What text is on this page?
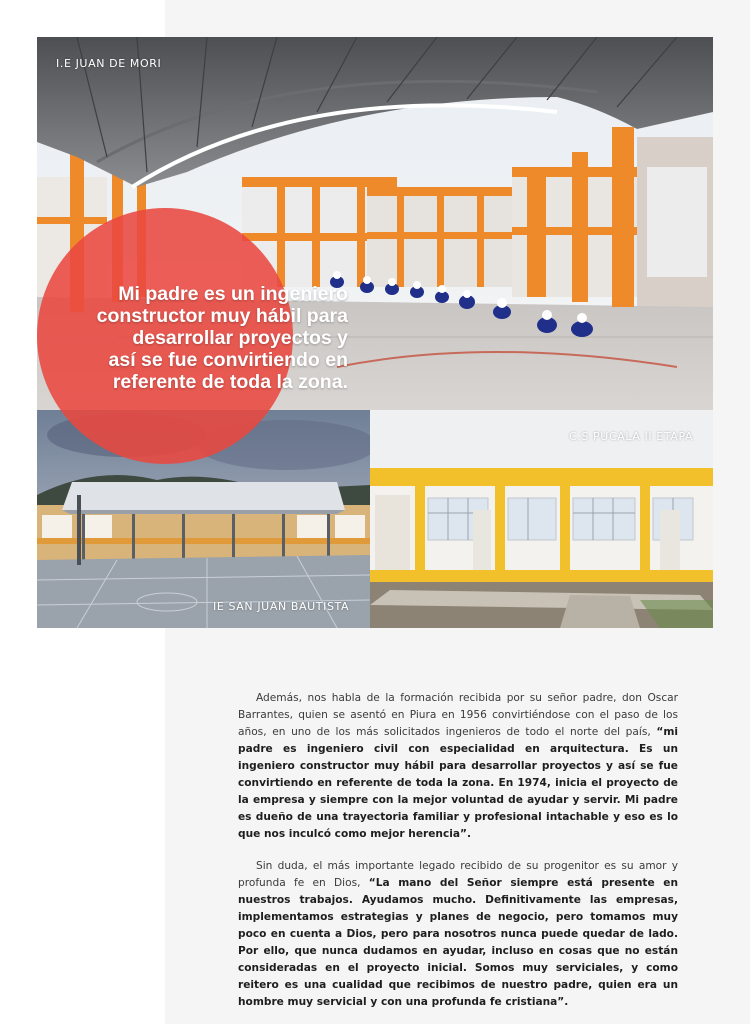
I.E JUAN DE MORI
IE SAN JUAN BAUTISTA
C.S PUCALA II ETAPA
Mi padre es un ingeniero
constructor muy hábil para
desarrollar proyectos y
así se fue convirtiendo en
referente de toda la zona.

Además, nos habla de la formación recibida por su señor padre, don Oscar Barrantes, quien se asentó en Piura en 1956 convirtiéndose con el paso de los años, en uno de los más solicitados ingenieros de todo el norte del país, “mi padre es ingeniero civil con especialidad en arquitectura. Es un ingeniero constructor muy hábil para desarrollar proyectos y así se fue convirtiendo en referente de toda la zona. En 1974, inicia el proyecto de la empresa y siempre con la mejor voluntad de ayudar y servir. Mi padre es dueño de una trayectoria familiar y profesional intachable y eso es lo que nos inculcó como mejor herencia”.

Sin duda, el más importante legado recibido de su progenitor es su amor y profunda fe en Dios, “La mano del Señor siempre está presente en nuestros trabajos. Ayudamos mucho. Definitivamente las empresas, implementamos estrategias y planes de negocio, pero tomamos muy poco en cuenta a Dios, pero para nosotros nunca puede quedar de lado. Por ello, que nunca dudamos en ayudar, incluso en cosas que no están consideradas en el proyecto inicial. Somos muy serviciales, y como reitero es una cualidad que recibimos de nuestro padre, quien era un hombre muy servicial y con una profunda fe cristiana”.
